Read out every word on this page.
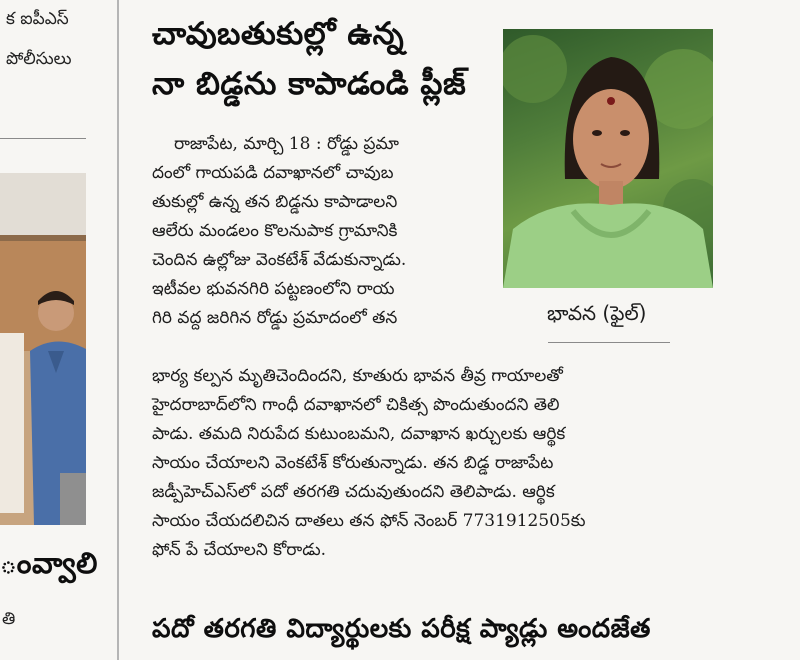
క ఐపీఎస్
పోలీసులు
ంవ్వాలి
తి
చావుబతుకుల్లో ఉన్న
నా బిడ్డను కాపాడండి ప్లీజ్
రాజాపేట, మార్చి 18 : రోడ్డు ప్రమా
దంలో గాయపడి దవాఖానలో చావుబ
తుకుల్లో ఉన్న తన బిడ్డను కాపాడాలని
ఆలేరు మండలం కొలనుపాక గ్రామానికి
చెందిన ఉల్లోజు వెంకటేశ్‌ వేడుకున్నాడు.
ఇటీవల భువనగిరి పట్టణంలోని రాయ
గిరి వద్ద జరిగిన రోడ్డు ప్రమాదంలో తన	భావన (ఫైల్‌)
భార్య కల్పన మృతిచెందిందని, కూతురు భావన తీవ్ర గాయాలతో
హైదరాబాద్‌లోని గాంధీ దవాఖానలో చికిత్స పొందుతుందని తెలి
పాడు. తమది నిరుపేద కుటుంబమని, దవాఖాన ఖర్చులకు ఆర్థిక
సాయం చేయాలని వెంకటేశ్‌ కోరుతున్నాడు. తన బిడ్డ రాజాపేట
జడ్పీహెచ్‌ఎస్‌లో పదో తరగతి చదువుతుందని తెలిపాడు. ఆర్థిక
సాయం చేయదలిచిన దాతలు తన ఫోన్‌ నెంబర్‌ 7731912505కు
ఫోన్‌ పే చేయాలని కోరాడు.
పదో తరగతి విద్యార్థులకు పరీక్ష ప్యాడ్లు అందజేత
